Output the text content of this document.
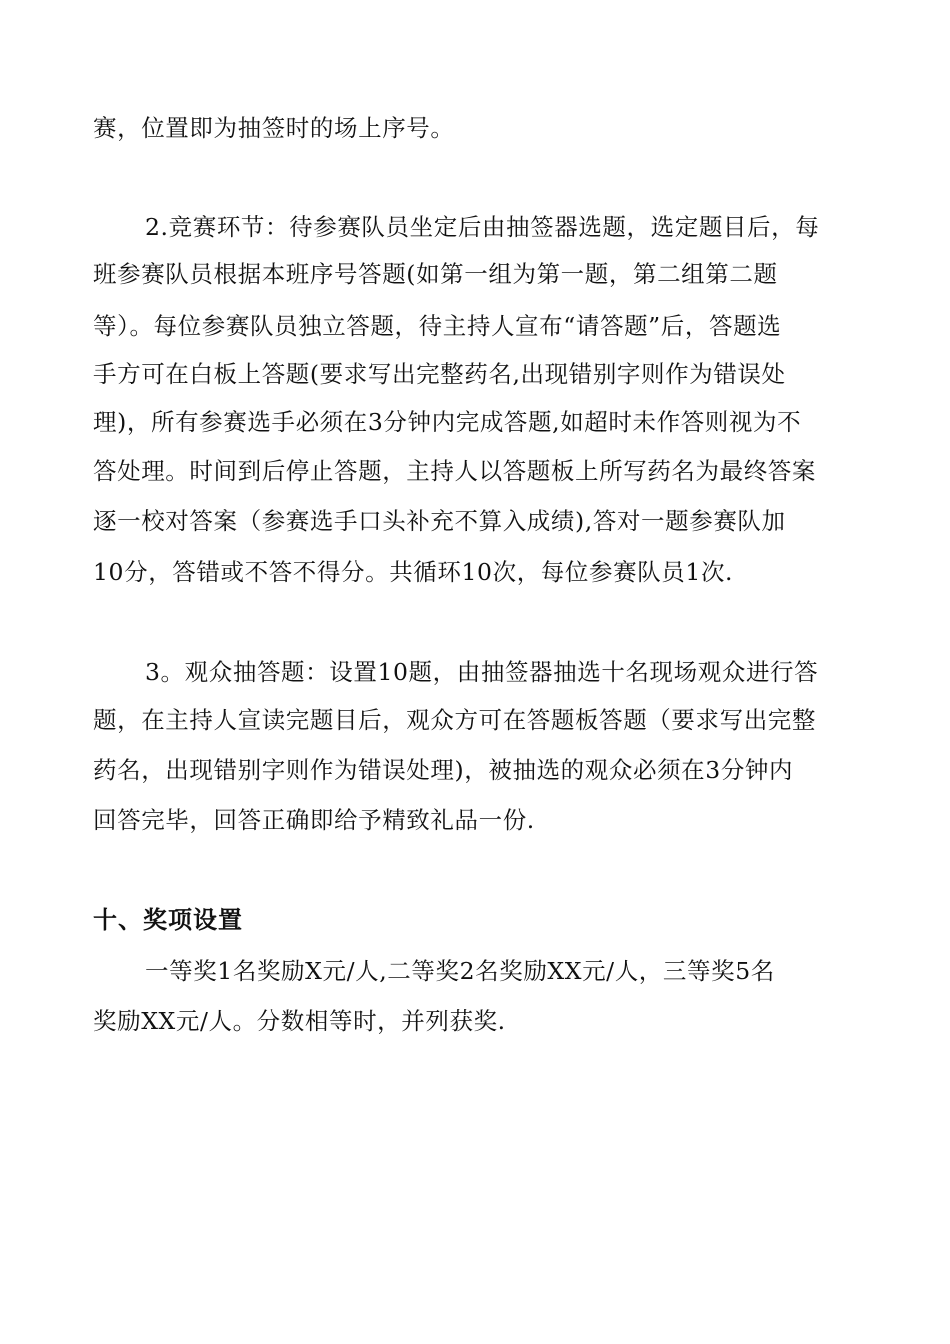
赛，位置即为抽签时的场上序号。
2.竞赛环节：待参赛队员坐定后由抽签器选题，选定题目后，每
班参赛队员根据本班序号答题(如第一组为第一题，第二组第二题
等）。每位参赛队员独立答题，待主持人宣布“请答题”后，答题选
手方可在白板上答题(要求写出完整药名,出现错别字则作为错误处
理)，所有参赛选手必须在3分钟内完成答题,如超时未作答则视为不
答处理。时间到后停止答题，主持人以答题板上所写药名为最终答案
逐一校对答案（参赛选手口头补充不算入成绩),答对一题参赛队加
10分，答错或不答不得分。共循环10次，每位参赛队员1次.
3。观众抽答题：设置10题，由抽签器抽选十名现场观众进行答
题，在主持人宣读完题目后，观众方可在答题板答题（要求写出完整
药名，出现错别字则作为错误处理)，被抽选的观众必须在3分钟内
回答完毕，回答正确即给予精致礼品一份.
十、奖项设置
一等奖1名奖励X元/人,二等奖2名奖励XX元/人，三等奖5名
奖励XX元/人。分数相等时，并列获奖.
